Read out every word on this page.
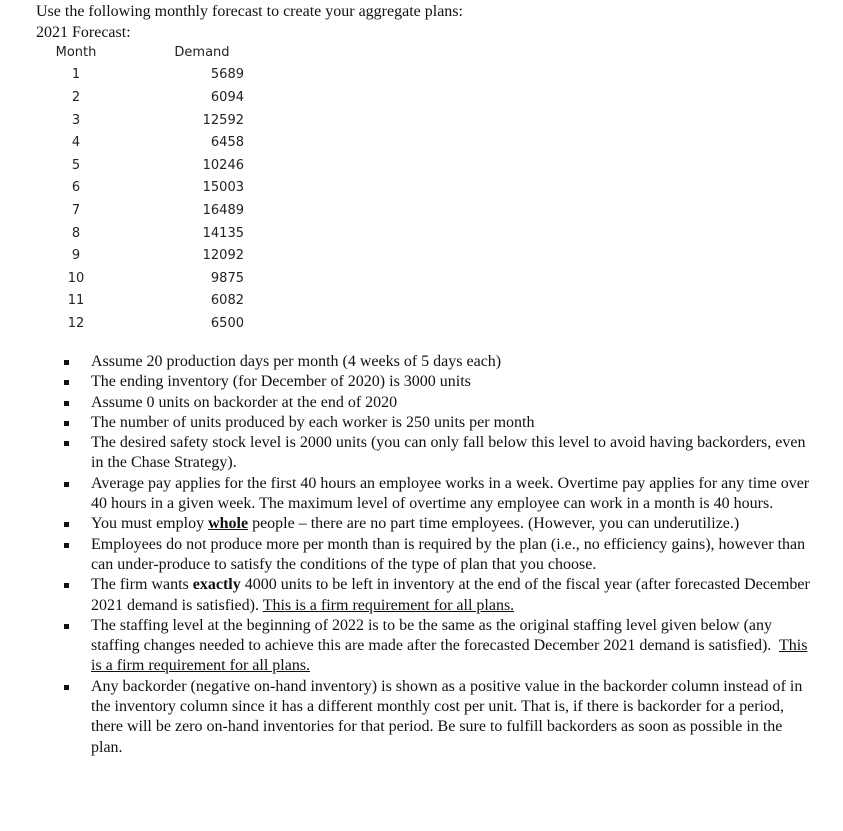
Use the following monthly forecast to create your aggregate plans:
2021 Forecast:
Month	Demand
1	5689
2	6094
3	12592
4	6458
5	10246
6	15003
7	16489
8	14135
9	12092
10	9875
11	6082
12	6500
Assume 20 production days per month (4 weeks of 5 days each)
The ending inventory (for December of 2020) is 3000 units
Assume 0 units on backorder at the end of 2020
The number of units produced by each worker is 250 units per month
The desired safety stock level is 2000 units (you can only fall below this level to avoid having backorders, even in the Chase Strategy).
Average pay applies for the first 40 hours an employee works in a week. Overtime pay applies for any time over 40 hours in a given week. The maximum level of overtime any employee can work in a month is 40 hours.
You must employ whole people – there are no part time employees. (However, you can underutilize.)
Employees do not produce more per month than is required by the plan (i.e., no efficiency gains), however than can under-produce to satisfy the conditions of the type of plan that you choose.
The firm wants exactly 4000 units to be left in inventory at the end of the fiscal year (after forecasted December 2021 demand is satisfied). This is a firm requirement for all plans.
The staffing level at the beginning of 2022 is to be the same as the original staffing level given below (any staffing changes needed to achieve this are made after the forecasted December 2021 demand is satisfied).  This is a firm requirement for all plans.
Any backorder (negative on-hand inventory) is shown as a positive value in the backorder column instead of in the inventory column since it has a different monthly cost per unit. That is, if there is backorder for a period, there will be zero on-hand inventories for that period. Be sure to fulfill backorders as soon as possible in the plan.
